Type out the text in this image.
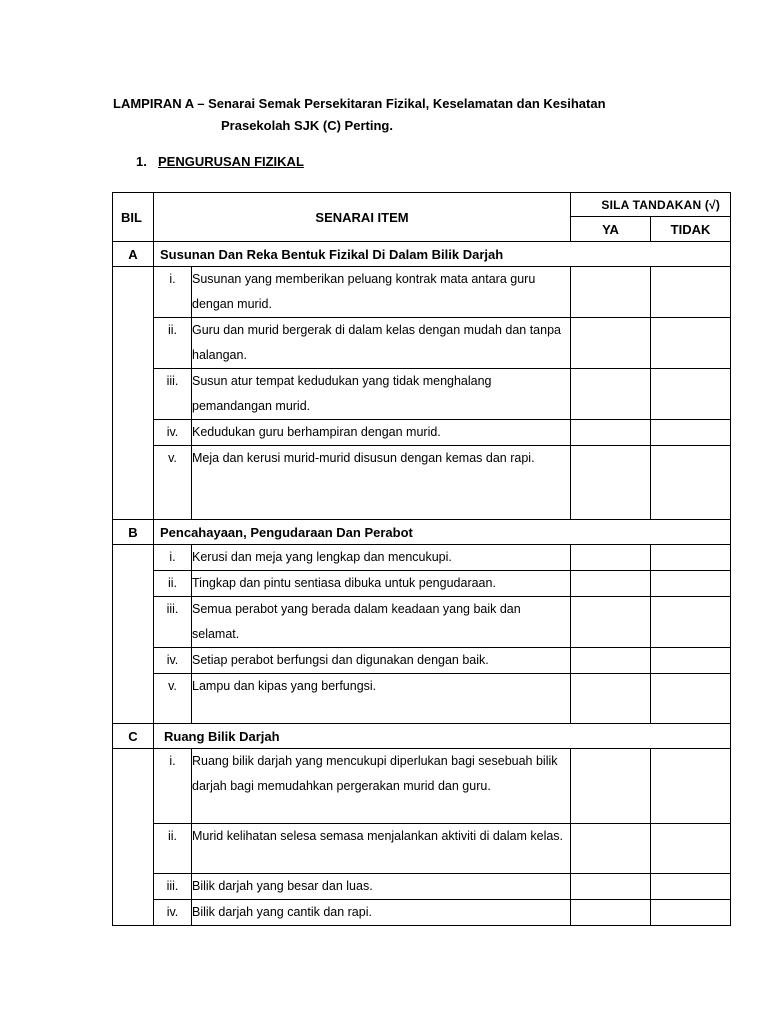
LAMPIRAN A – Senarai Semak Persekitaran Fizikal, Keselamatan dan Kesihatan
Prasekolah SJK (C) Perting.

1. PENGURUSAN FIZIKAL

BIL	SENARAI ITEM		SILA TANDAKAN (√)	
			YA	TIDAK
A	Susunan Dan Reka Bentuk Fizikal Di Dalam Bilik Darjah			
	i.	Susunan yang memberikan peluang kontrak mata antara guru dengan murid.		
	ii.	Guru dan murid bergerak di dalam kelas dengan mudah dan tanpa halangan.		
	iii.	Susun atur tempat kedudukan yang tidak menghalang pemandangan murid.		
	iv.	Kedudukan guru berhampiran dengan murid.		
	v.	Meja dan kerusi murid-murid disusun dengan kemas dan rapi.		
B	Pencahayaan, Pengudaraan Dan Perabot			
	i.	Kerusi dan meja yang lengkap dan mencukupi.		
	ii.	Tingkap dan pintu sentiasa dibuka untuk pengudaraan.		
	iii.	Semua perabot yang berada dalam keadaan yang baik dan selamat.		
	iv.	Setiap perabot berfungsi dan digunakan dengan baik.		
	v.	Lampu dan kipas yang berfungsi.		
C	Ruang Bilik Darjah			
	i.	Ruang bilik darjah yang mencukupi diperlukan bagi sesebuah bilik darjah bagi memudahkan pergerakan murid dan guru.		
	ii.	Murid kelihatan selesa semasa menjalankan aktiviti di dalam kelas.		
	iii.	Bilik darjah yang besar dan luas.		
	iv.	Bilik darjah yang cantik dan rapi.		
